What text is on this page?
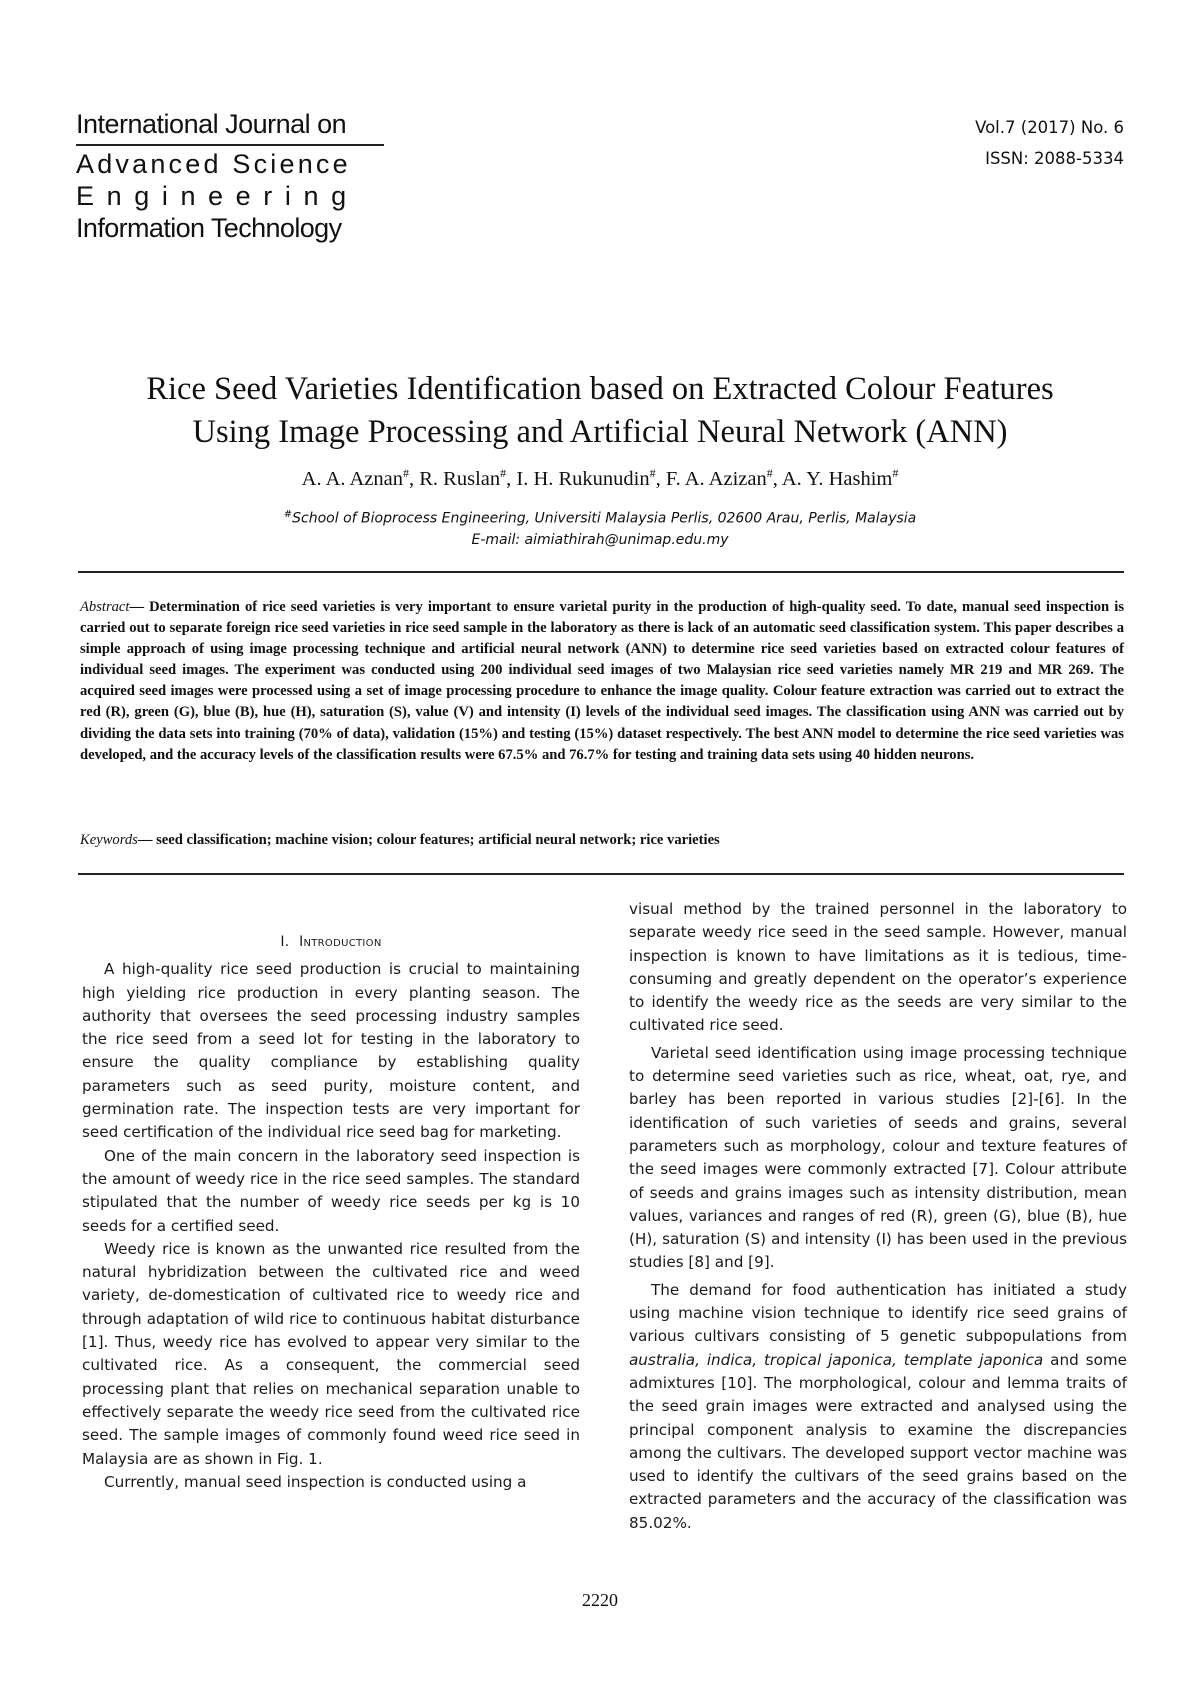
International Journal on
Advanced Science
Engineering
Information Technology
Vol.7 (2017) No. 6
ISSN: 2088-5334
Rice Seed Varieties Identification based on Extracted Colour Features
Using Image Processing and Artificial Neural Network (ANN)
A. A. Aznan#, R. Ruslan#, I. H. Rukunudin#, F. A. Azizan#, A. Y. Hashim#
#School of Bioprocess Engineering, Universiti Malaysia Perlis, 02600 Arau, Perlis, Malaysia
E-mail: aimiathirah@unimap.edu.my
Abstract— Determination of rice seed varieties is very important to ensure varietal purity in the production of high-quality seed. To date, manual seed inspection is carried out to separate foreign rice seed varieties in rice seed sample in the laboratory as there is lack of an automatic seed classification system. This paper describes a simple approach of using image processing technique and artificial neural network (ANN) to determine rice seed varieties based on extracted colour features of individual seed images. The experiment was conducted using 200 individual seed images of two Malaysian rice seed varieties namely MR 219 and MR 269. The acquired seed images were processed using a set of image processing procedure to enhance the image quality. Colour feature extraction was carried out to extract the red (R), green (G), blue (B), hue (H), saturation (S), value (V) and intensity (I) levels of the individual seed images. The classification using ANN was carried out by dividing the data sets into training (70% of data), validation (15%) and testing (15%) dataset respectively. The best ANN model to determine the rice seed varieties was developed, and the accuracy levels of the classification results were 67.5% and 76.7% for testing and training data sets using 40 hidden neurons.
Keywords— seed classification; machine vision; colour features; artificial neural network; rice varieties
I. Introduction

A high-quality rice seed production is crucial to maintaining high yielding rice production in every planting season. The authority that oversees the seed processing industry samples the rice seed from a seed lot for testing in the laboratory to ensure the quality compliance by establishing quality parameters such as seed purity, moisture content, and germination rate. The inspection tests are very important for seed certification of the individual rice seed bag for marketing.

One of the main concern in the laboratory seed inspection is the amount of weedy rice in the rice seed samples. The standard stipulated that the number of weedy rice seeds per kg is 10 seeds for a certified seed.

Weedy rice is known as the unwanted rice resulted from the natural hybridization between the cultivated rice and weed variety, de-domestication of cultivated rice to weedy rice and through adaptation of wild rice to continuous habitat disturbance [1]. Thus, weedy rice has evolved to appear very similar to the cultivated rice. As a consequent, the commercial seed processing plant that relies on mechanical separation unable to effectively separate the weedy rice seed from the cultivated rice seed. The sample images of commonly found weed rice seed in Malaysia are as shown in Fig. 1.

Currently, manual seed inspection is conducted using a

visual method by the trained personnel in the laboratory to separate weedy rice seed in the seed sample. However, manual inspection is known to have limitations as it is tedious, time-consuming and greatly dependent on the operator’s experience to identify the weedy rice as the seeds are very similar to the cultivated rice seed.

Varietal seed identification using image processing technique to determine seed varieties such as rice, wheat, oat, rye, and barley has been reported in various studies [2]-[6]. In the identification of such varieties of seeds and grains, several parameters such as morphology, colour and texture features of the seed images were commonly extracted [7]. Colour attribute of seeds and grains images such as intensity distribution, mean values, variances and ranges of red (R), green (G), blue (B), hue (H), saturation (S) and intensity (I) has been used in the previous studies [8] and [9].

The demand for food authentication has initiated a study using machine vision technique to identify rice seed grains of various cultivars consisting of 5 genetic subpopulations from australia, indica, tropical japonica, template japonica and some admixtures [10]. The morphological, colour and lemma traits of the seed grain images were extracted and analysed using the principal component analysis to examine the discrepancies among the cultivars. The developed support vector machine was used to identify the cultivars of the seed grains based on the extracted parameters and the accuracy of the classification was 85.02%.

2220
